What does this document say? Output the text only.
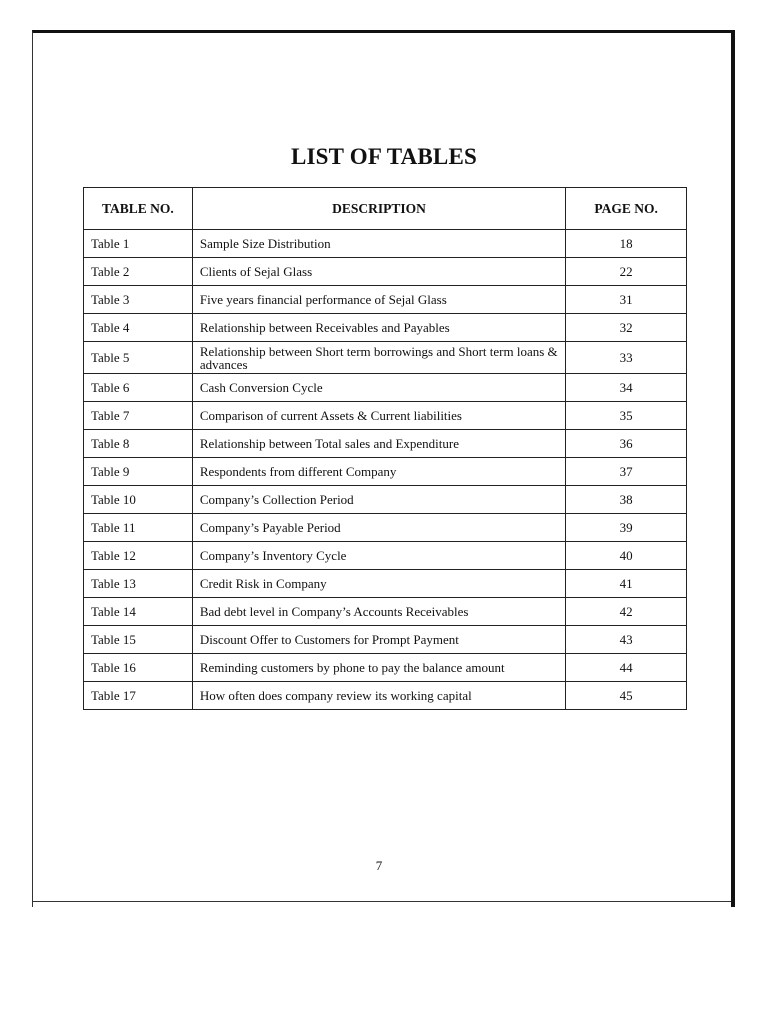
LIST OF TABLES
TABLE NO.	DESCRIPTION	PAGE NO.
Table 1	Sample Size Distribution	18
Table 2	Clients of Sejal Glass	22
Table 3	Five years financial performance of Sejal Glass	31
Table 4	Relationship between Receivables and Payables	32
Table 5	Relationship between Short term borrowings and Short term loans & advances	33
Table 6	Cash Conversion Cycle	34
Table 7	Comparison of current Assets & Current liabilities	35
Table 8	Relationship between Total sales and Expenditure	36
Table 9	Respondents from different Company	37
Table 10	Company’s Collection Period	38
Table 11	Company’s Payable Period	39
Table 12	Company’s Inventory Cycle	40
Table 13	Credit Risk in Company	41
Table 14	Bad debt level in Company’s Accounts Receivables	42
Table 15	Discount Offer to Customers for Prompt Payment	43
Table 16	Reminding customers by phone to pay the balance amount	44
Table 17	How often does company review its working capital	45
7
